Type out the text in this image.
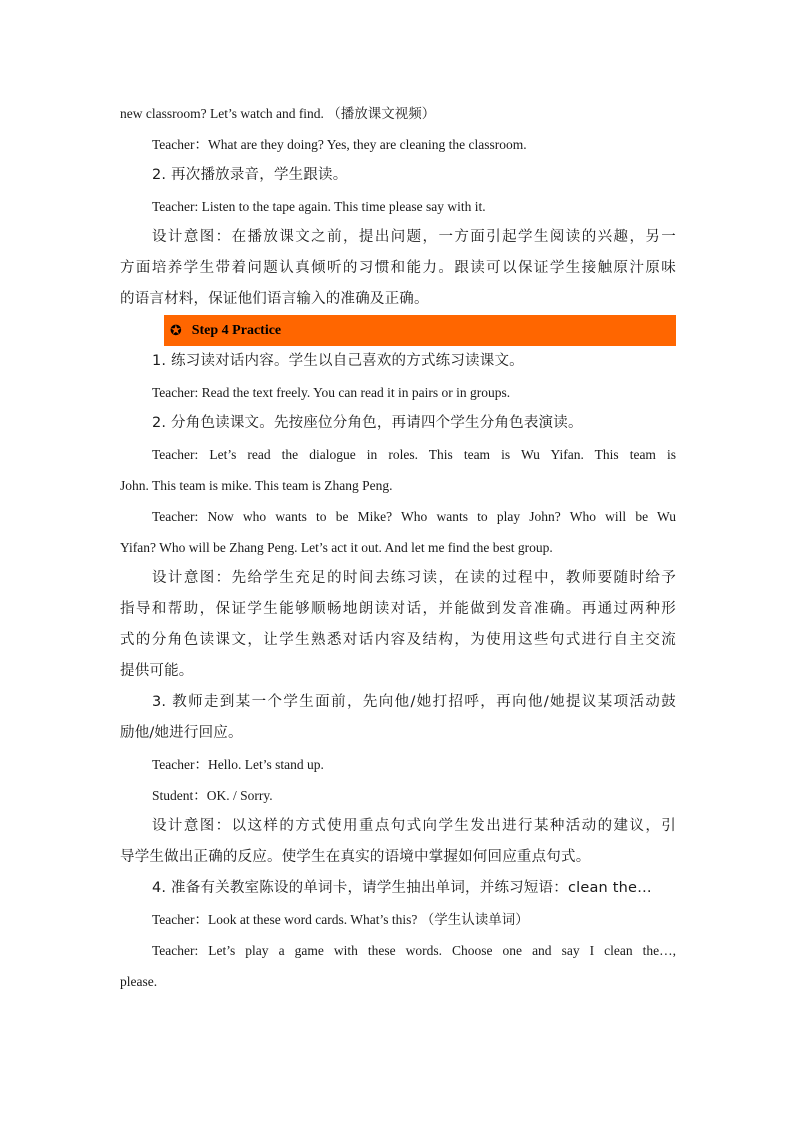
new classroom? Let’s watch and find. （播放课文视频）
Teacher：What are they doing? Yes, they are cleaning the classroom.
2. 再次播放录音，学生跟读。
Teacher: Listen to the tape again. This time please say with it.
设计意图：在播放课文之前，提出问题，一方面引起学生阅读的兴趣，另一
方面培养学生带着问题认真倾听的习惯和能力。跟读可以保证学生接触原汁原味
的语言材料，保证他们语言输入的准确及正确。
✪ Step 4 Practice
1. 练习读对话内容。学生以自己喜欢的方式练习读课文。
Teacher: Read the text freely. You can read it in pairs or in groups.
2. 分角色读课文。先按座位分角色，再请四个学生分角色表演读。
Teacher: Let’s read the dialogue in roles. This team is Wu Yifan. This team is
John. This team is mike. This team is Zhang Peng.
Teacher: Now who wants to be Mike? Who wants to play John? Who will be Wu
Yifan? Who will be Zhang Peng. Let’s act it out. And let me find the best group.
设计意图：先给学生充足的时间去练习读，在读的过程中，教师要随时给予
指导和帮助，保证学生能够顺畅地朗读对话，并能做到发音准确。再通过两种形
式的分角色读课文，让学生熟悉对话内容及结构，为使用这些句式进行自主交流
提供可能。
3. 教师走到某一个学生面前，先向他/她打招呼，再向他/她提议某项活动鼓
励他/她进行回应。
Teacher：Hello. Let’s stand up.
Student：OK. / Sorry.
设计意图：以这样的方式使用重点句式向学生发出进行某种活动的建议，引
导学生做出正确的反应。使学生在真实的语境中掌握如何回应重点句式。
4. 准备有关教室陈设的单词卡，请学生抽出单词，并练习短语：clean the…
Teacher：Look at these word cards. What’s this? （学生认读单词）
Teacher: Let’s play a game with these words. Choose one and say I clean the…,
please.
